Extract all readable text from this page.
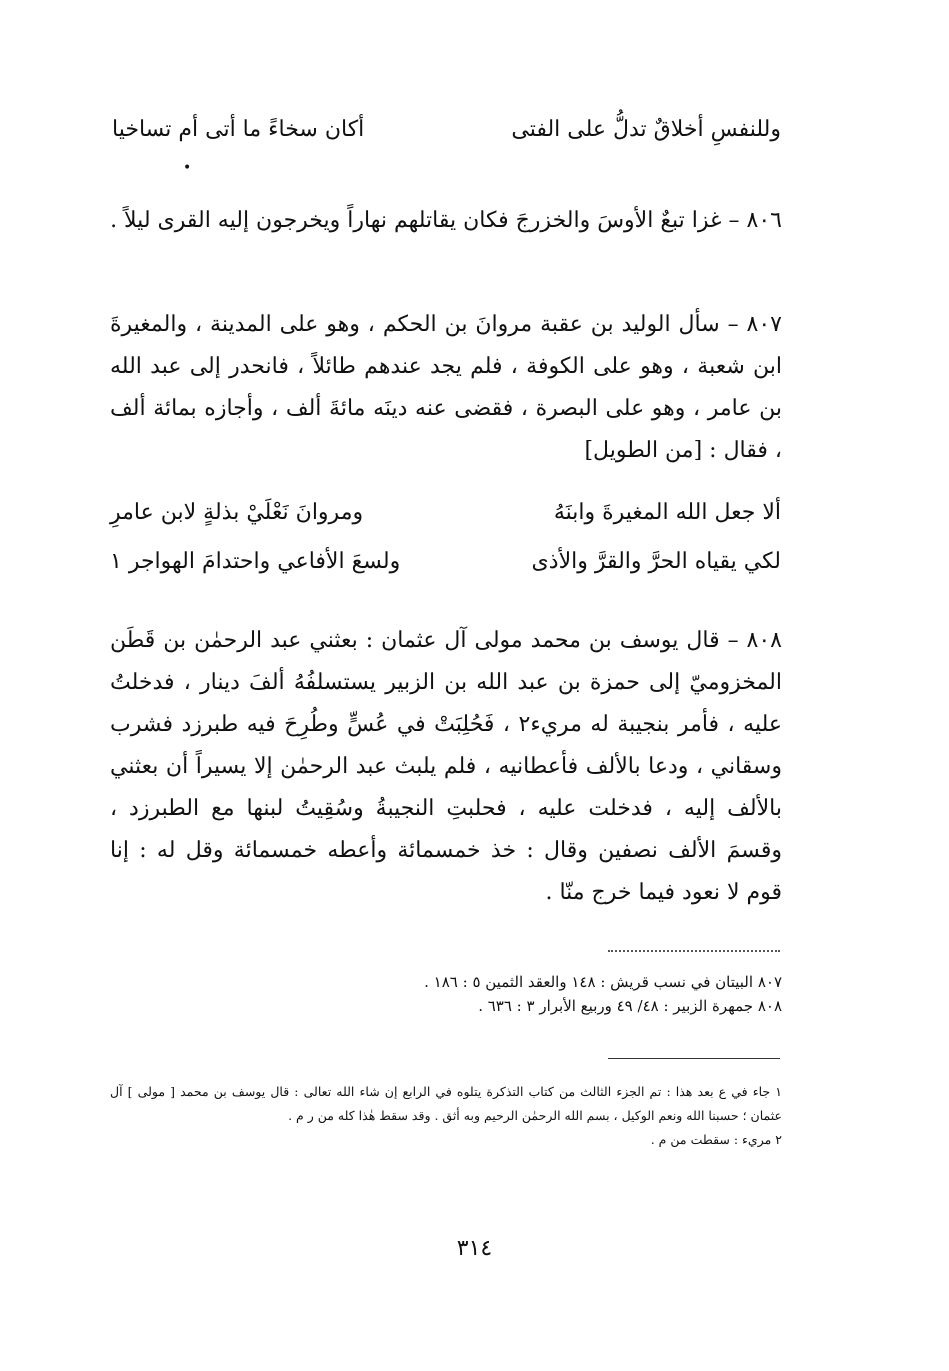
وللنفسِ أخلاقٌ تدلُّ على الفتى
أكان سخاءً ما أتى أم تساخيا
•

٨٠٦ – غزا تبعٌ الأوسَ والخزرجَ فكان يقاتلهم نهاراً ويخرجون إليه القرى ليلاً .

٨٠٧ – سأل الوليد بن عقبة مروانَ بن الحكم ، وهو على المدينة ، والمغيرةَ ابن شعبة ، وهو على الكوفة ، فلم يجد عندهم طائلاً ، فانحدر إلى عبد الله بن عامر ، وهو على البصرة ، فقضى عنه دينَه مائةَ ألف ، وأجازه بمائة ألف ، فقال : [من الطويل]

ألا جعل الله المغيرةَ وابنَهُ
ومروانَ نَعْلَيْ بذلةٍ لابن عامرِ
لكي يقياه الحرَّ والقرَّ والأذى
ولسعَ الأفاعي واحتدامَ الهواجر ١

٨٠٨ – قال يوسف بن محمد مولى آل عثمان : بعثني عبد الرحمٰن بن قَطَن المخزوميّ إلى حمزة بن عبد الله بن الزبير يستسلفُهُ ألفَ دينار ، فدخلتُ عليه ، فأمر بنجيبة له مريء٢ ، فَحُلِبَتْ في عُسٍّ وطُرِحَ فيه طبرزد فشرب وسقاني ، ودعا بالألف فأعطانيه ، فلم يلبث عبد الرحمٰن إلا يسيراً أن بعثني بالألف إليه ، فدخلت عليه ، فحلبتِ النجيبةُ وسُقِيتُ لبنها مع الطبرزد ، وقسمَ الألف نصفين وقال : خذ خمسمائة وأعطه خمسمائة وقل له : إنا قوم لا نعود فيما خرج منّا .

٨٠٧ البيتان في نسب قريش : ١٤٨ والعقد الثمين ٥ : ١٨٦ .
٨٠٨ جمهرة الزبير : ٤٨/ ٤٩ وربيع الأبرار ٣ : ٦٣٦ .
١ جاء في ع بعد هذا : تم الجزء الثالث من كتاب التذكرة يتلوه في الرابع إن شاء الله تعالى : قال يوسف بن محمد [ مولى ] آل عثمان ؛ حسبنا الله ونعم الوكيل ، بسم الله الرحمٰن الرحيم وبه أثق . وقد سقط هٰذا كله من ر م .
٢ مريء : سقطت من م .
٣١٤
